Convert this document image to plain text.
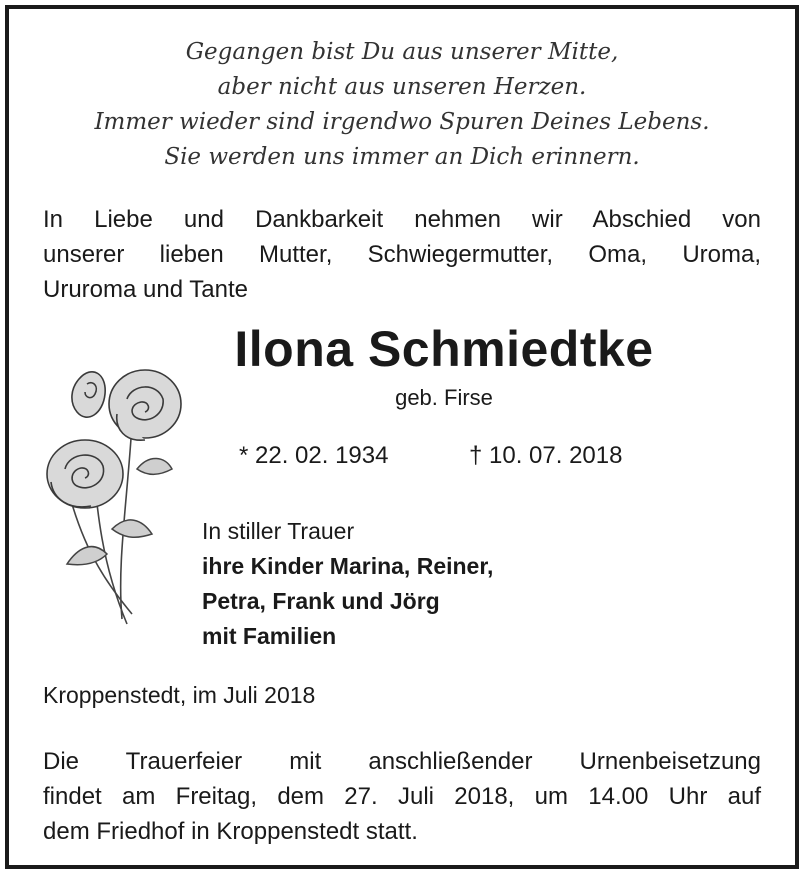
Gegangen bist Du aus unserer Mitte,
aber nicht aus unseren Herzen.
Immer wieder sind irgendwo Spuren Deines Lebens.
Sie werden uns immer an Dich erinnern.
In Liebe und Dankbarkeit nehmen wir Abschied von
unserer lieben Mutter, Schwiegermutter, Oma, Uroma,
Ururoma und Tante
Ilona Schmiedtke
geb. Firse
* 22. 02. 1934	† 10. 07. 2018
In stiller Trauer
ihre Kinder Marina, Reiner,
Petra, Frank und Jörg
mit Familien
Kroppenstedt, im Juli 2018
Die Trauerfeier mit anschließender Urnenbeisetzung
findet am Freitag, dem 27. Juli 2018, um 14.00 Uhr auf
dem Friedhof in Kroppenstedt statt.
